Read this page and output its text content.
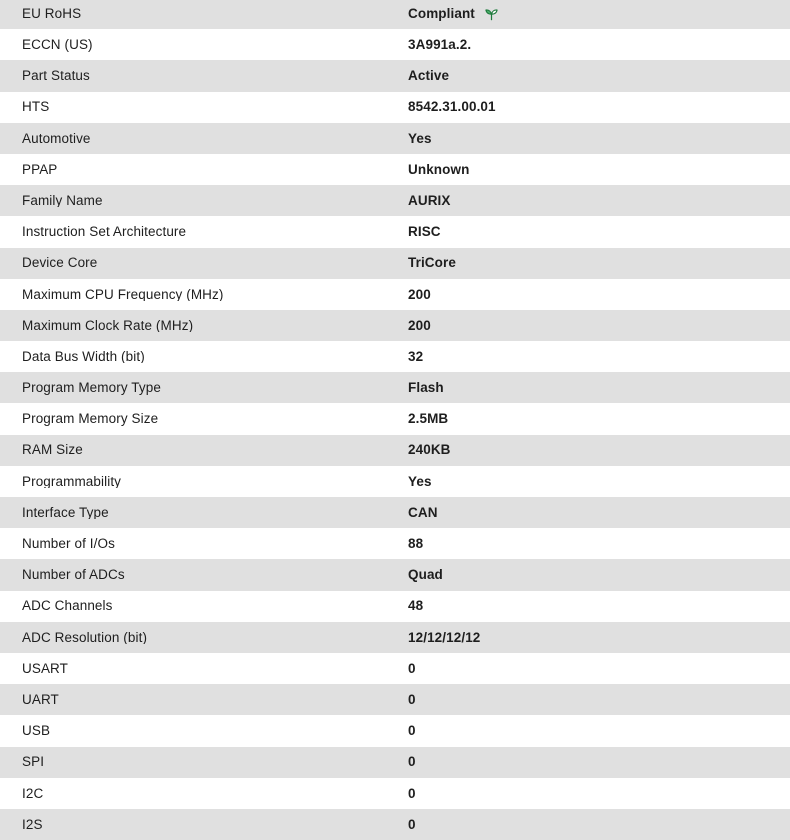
EU RoHS	Compliant
ECCN (US)	3A991a.2.
Part Status	Active
HTS	8542.31.00.01
Automotive	Yes
PPAP	Unknown
Family Name	AURIX
Instruction Set Architecture	RISC
Device Core	TriCore
Maximum CPU Frequency (MHz)	200
Maximum Clock Rate (MHz)	200
Data Bus Width (bit)	32
Program Memory Type	Flash
Program Memory Size	2.5MB
RAM Size	240KB
Programmability	Yes
Interface Type	CAN
Number of I/Os	88
Number of ADCs	Quad
ADC Channels	48
ADC Resolution (bit)	12/12/12/12
USART	0
UART	0
USB	0
SPI	0
I2C	0
I2S	0
